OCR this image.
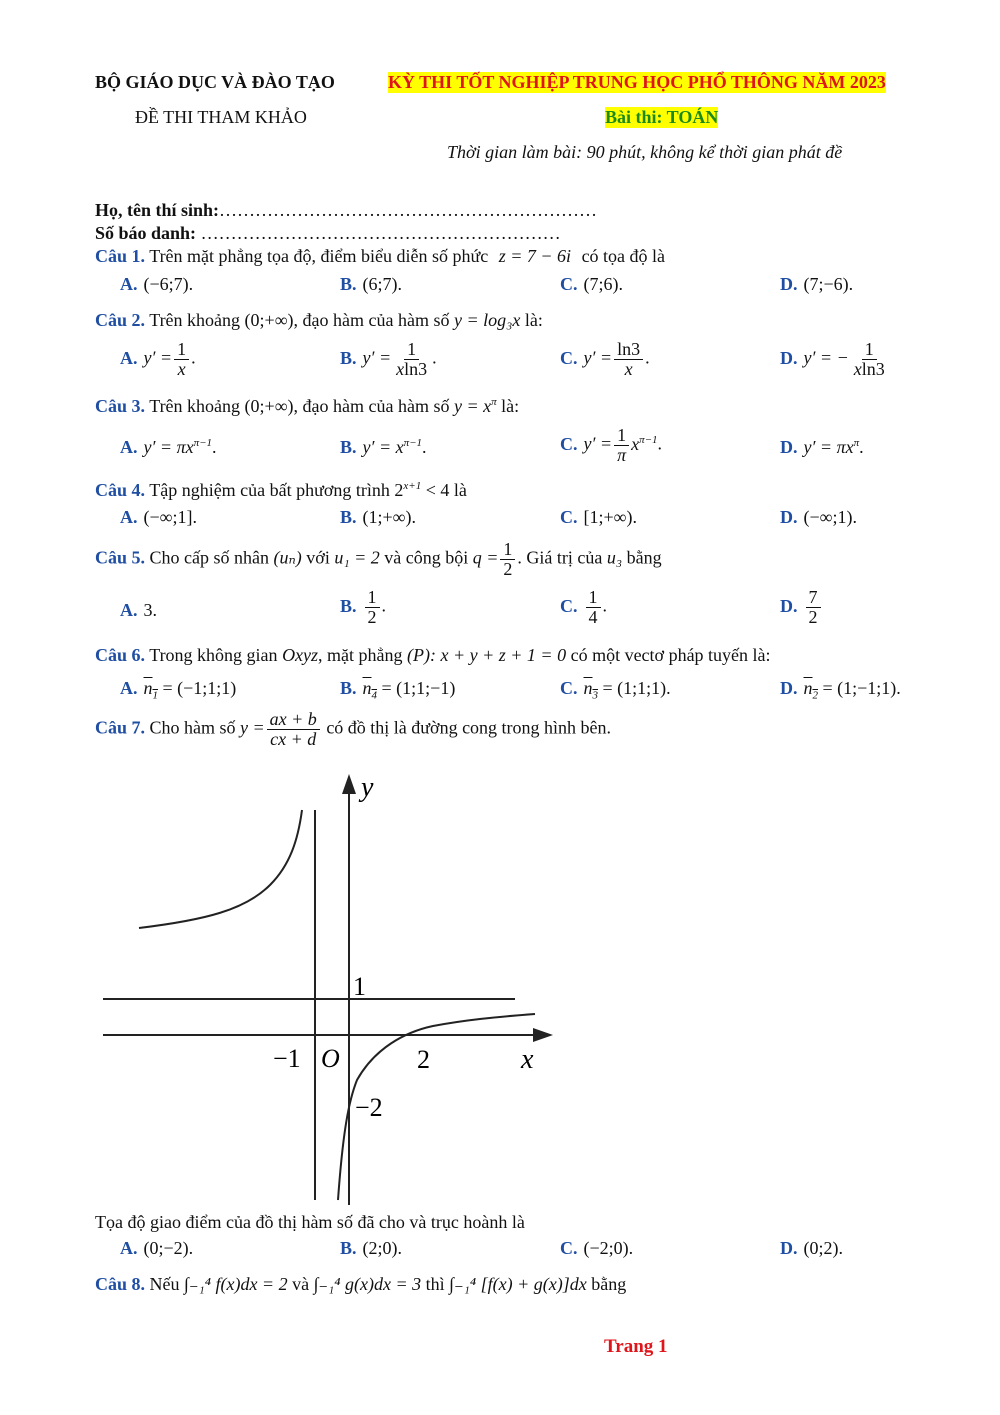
BỘ GIÁO DỤC VÀ ĐÀO TẠO	KỲ THI TỐT NGHIỆP TRUNG HỌC PHỔ THÔNG NĂM 2023
ĐỀ THI THAM KHẢO	Bài thi: TOÁN
Thời gian làm bài: 90 phút, không kể thời gian phát đề
Họ, tên thí sinh:………………………………………………………
Số báo danh: ……………………………………………………
Câu 1. Trên mặt phẳng tọa độ, điểm biểu diễn số phức z = 7 − 6i có tọa độ là
A. (−6;7).	B. (6;7).	C. (7;6).	D. (7;−6).
Câu 2. Trên khoảng (0;+∞), đạo hàm của hàm số y = log₃x là:
A. $y' = \frac{1}{x}$ .	B. $y' = \frac{1}{xln3}$ .	C. $y' = \frac{\ln 3}{x}$ .	D. y′ = − $\frac{1}{xln3}$
Câu 3. Trên khoảng (0;+∞), đạo hàm của hàm số $y = x^\pi$ là:
A. $y' = \pi x^{\pi-1}$.	B. $y' = x^{\pi-1}$.	C. $y' = \frac{1}{\pi} x^{\pi-1}$.	D. $y' = \pi x^\pi$.
Câu 4. Tập nghiệm của bất phương trình $2^{x+1} < 4$ là
A. (−∞;1].	B. (1;+∞).	C. [1;+∞).	D. (−∞;1).
Câu 5. Cho cấp số nhân (uₙ) với u₁ = 2 và công bội $q = \frac{1}{2}$ . Giá trị của u₃ bằng
A. 3.	B. $\frac{1}{2}$ .	C. $\frac{1}{4}$ .	D. $\frac{7}{2}$
Câu 6. Trong không gian Oxyz, mặt phẳng (P): x + y + z + 1 = 0 có một vectơ pháp tuyến là:
A. $n_1$ = (−1;1;1)	B. $n_4$ = (1;1;−1)	C. $n_3$ = (1;1;1).	D. $n_2$ = (1;−1;1).
Câu 7. Cho hàm số $y = \frac{ax + b}{cx + d}$ có đồ thị là đường cong trong hình bên.
y
x
O
1
−1	2
−2
Tọa độ giao điểm của đồ thị hàm số đã cho và trục hoành là
A. (0;−2).	B. (2;0).	C. (−2;0).	D. (0;2).
Câu 8. Nếu ∫₋₁⁴ f(x)dx = 2 và ∫₋₁⁴ g(x)dx = 3 thì ∫₋₁⁴ [f(x) + g(x)]dx bằng
Trang 1
